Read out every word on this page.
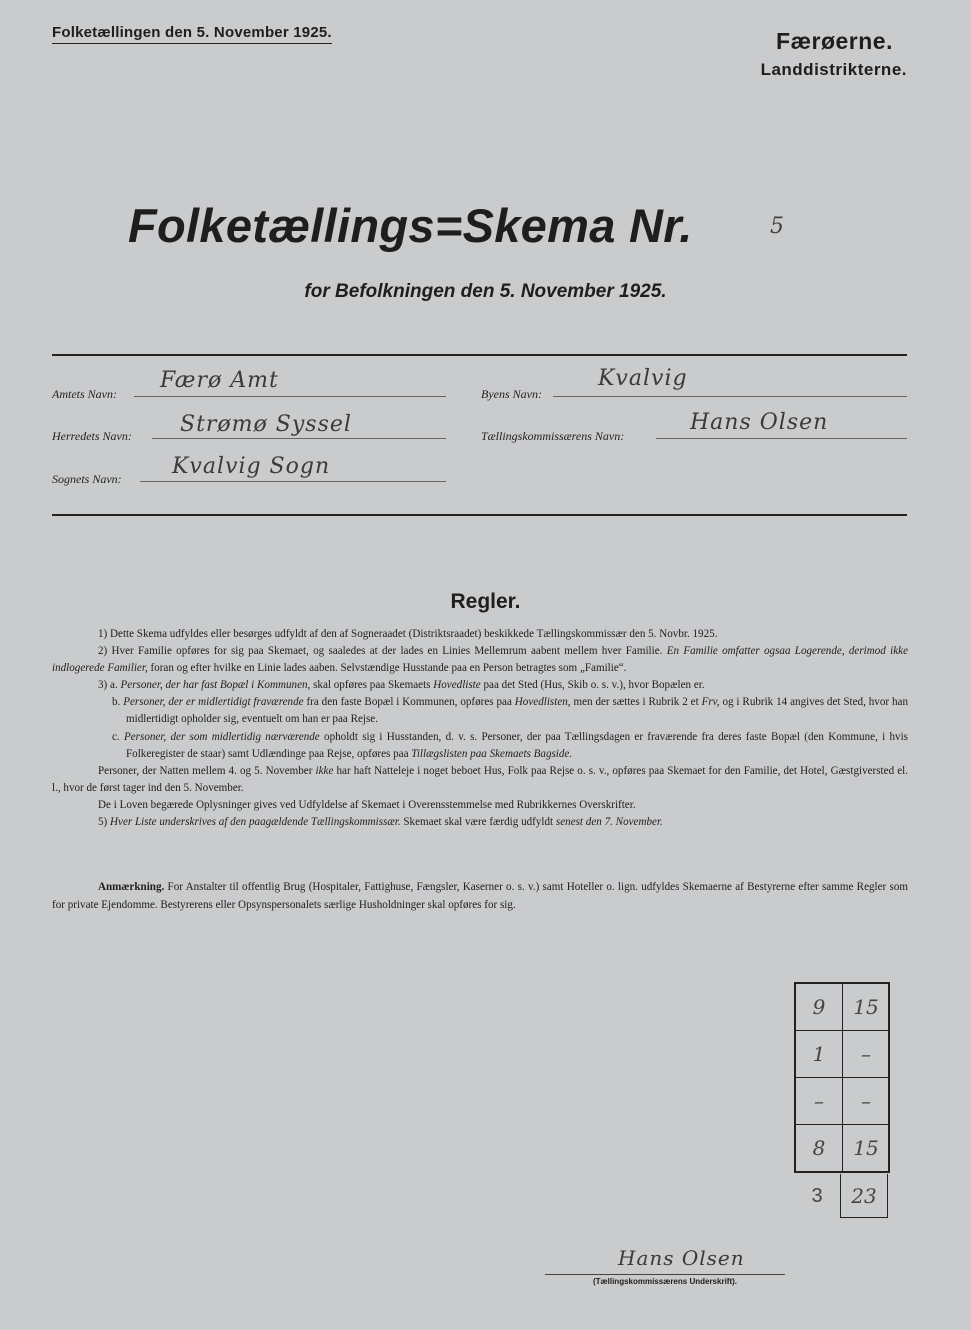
Folketællingen den 5. November 1925.	Færøerne.
Landdistrikterne.
Folketællings=Skema Nr.	5
for Befolkningen den 5. November 1925.
Amtets Navn:
Færø Amt
Byens Navn:
Kvalvig
Herredets Navn: Strømø Syssel	Tællingskommissærens Navn:
Hans Olsen
Sognets Navn: Kvalvig Sogn
Regler.

1) Dette Skema udfyldes eller besørges udfyldt af den af Sogneraadet (Distriktsraadet) beskikkede Tællingskommissær den 5. Novbr. 1925.

2) Hver Familie opføres for sig paa Skemaet, og saaledes at der lades en Linies Mellemrum aabent mellem hver Familie. En Familie omfatter ogsaa Logerende, derimod ikke indlogerede Familier, foran og efter hvilke en Linie lades aaben. Selvstændige Husstande paa en Person betragtes som „Familie“.

3) a. Personer, der har fast Bopæl i Kommunen, skal opføres paa Skemaets Hovedliste paa det Sted (Hus, Skib o. s. v.), hvor Bopælen er.

b. Personer, der er midlertidigt fraværende fra den faste Bopæl i Kommunen, opføres paa Hovedlisten, men der sættes i Rubrik 2 et Frv, og i Rubrik 14 angives det Sted, hvor han midlertidigt opholder sig, eventuelt om han er paa Rejse.

c. Personer, der som midlertidig nærværende opholdt sig i Husstanden, d. v. s. Personer, der paa Tællingsdagen er fraværende fra deres faste Bopæl (den Kommune, i hvis Folkeregister de staar) samt Udlændinge paa Rejse, opføres paa Tillægslisten paa Skemaets Bagside.

Personer, der Natten mellem 4. og 5. November ikke har haft Natteleje i noget beboet Hus, Folk paa Rejse o. s. v., opføres paa Skemaet for den Familie, det Hotel, Gæstgiversted el. l., hvor de først tager ind den 5. November.

De i Loven begærede Oplysninger gives ved Udfyldelse af Skemaet i Overensstemmelse med Rubrikkernes Overskrifter.

5) Hver Liste underskrives af den paagældende Tællingskommissær. Skemaet skal være færdig udfyldt senest den 7. November.

Anmærkning. For Anstalter til offentlig Brug (Hospitaler, Fattighuse, Fængsler, Kaserner o. s. v.) samt Hoteller o. lign. udfyldes Skemaerne af Bestyrerne efter samme Regler som for private Ejendomme. Bestyrerens eller Opsynspersonalets særlige Husholdninger skal opføres for sig.

9	15
1	–
–	–
8	15
3	23
Hans Olsen
(Tællingskommissærens Underskrift).
